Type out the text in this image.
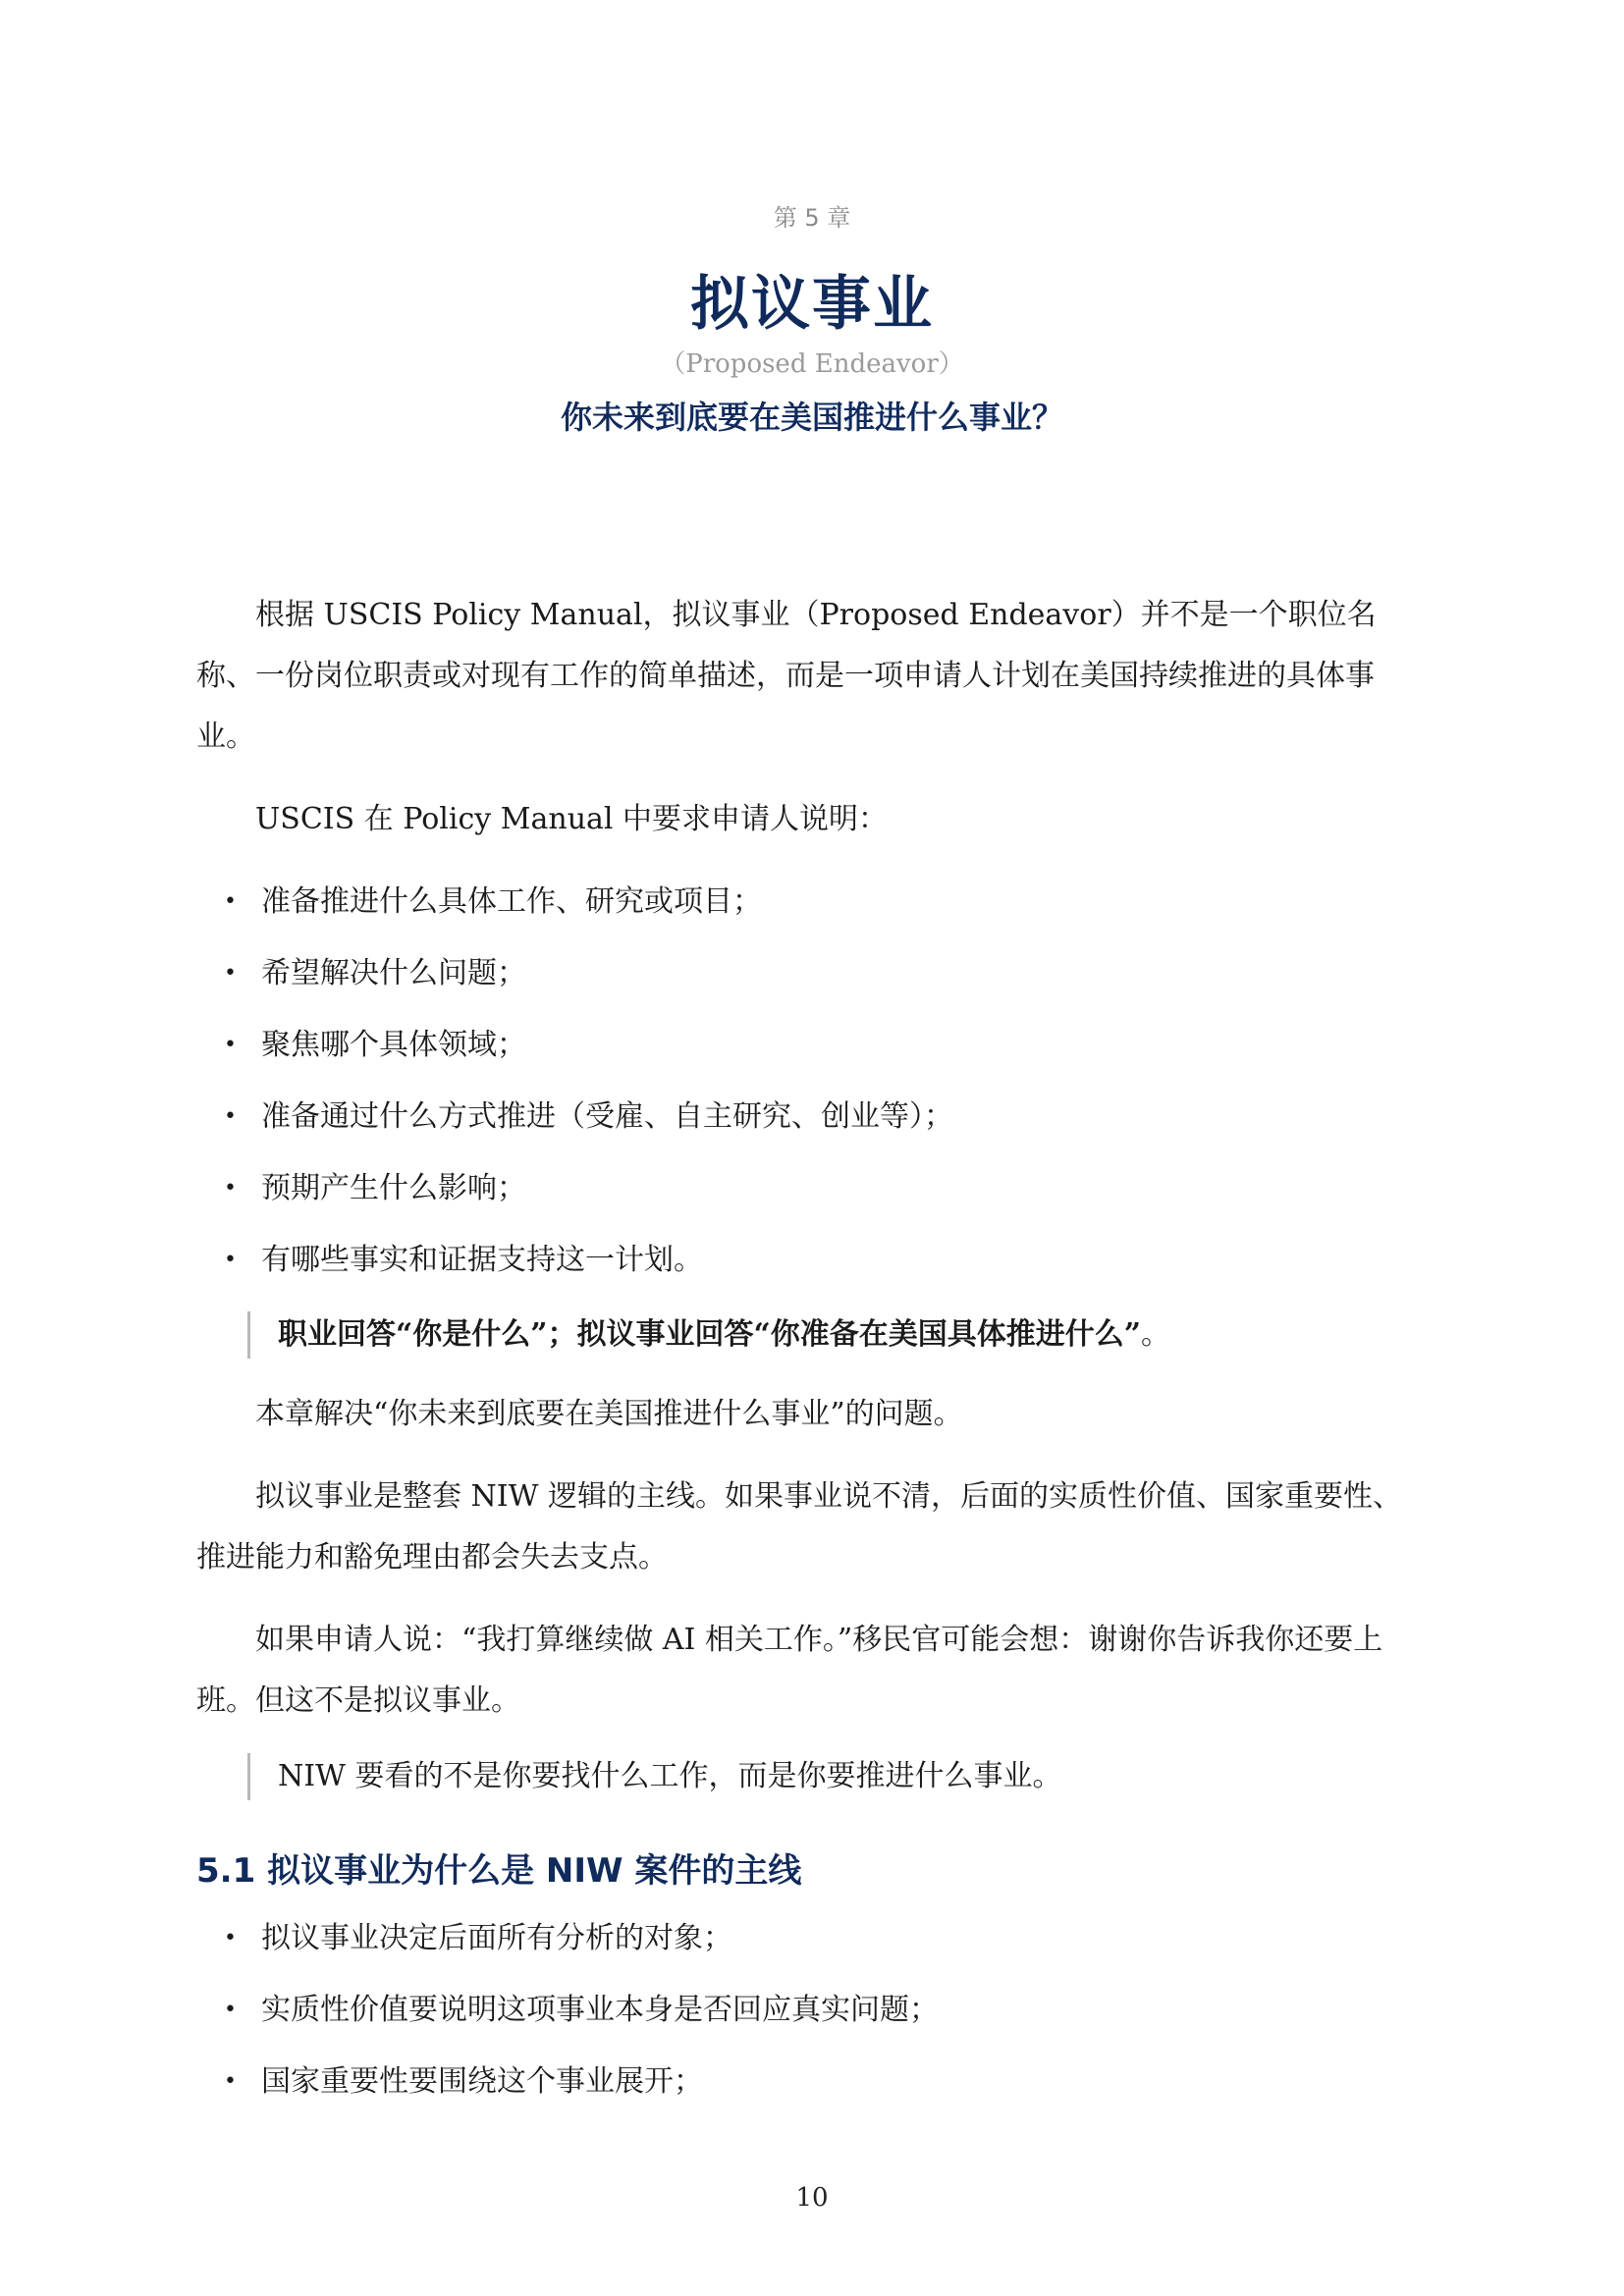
第 5 章
拟议事业
（Proposed Endeavor）
你未来到底要在美国推进什么事业？

根据 USCIS Policy Manual，拟议事业（Proposed Endeavor）并不是一个职位名称、一份岗位职责或对现有工作的简单描述，而是一项申请人计划在美国持续推进的具体事业。

USCIS 在 Policy Manual 中要求申请人说明：

• 准备推进什么具体工作、研究或项目；
• 希望解决什么问题；
• 聚焦哪个具体领域；
• 准备通过什么方式推进（受雇、自主研究、创业等）；
• 预期产生什么影响；
• 有哪些事实和证据支持这一计划。
职业回答“你是什么”；拟议事业回答“你准备在美国具体推进什么”。

本章解决“你未来到底要在美国推进什么事业”的问题。

拟议事业是整套 NIW 逻辑的主线。如果事业说不清，后面的实质性价值、国家重要性、推进能力和豁免理由都会失去支点。

如果申请人说：“我打算继续做 AI 相关工作。”移民官可能会想：谢谢你告诉我你还要上班。但这不是拟议事业。

NIW 要看的不是你要找什么工作，而是你要推进什么事业。
5.1 拟议事业为什么是 NIW 案件的主线
• 拟议事业决定后面所有分析的对象；
• 实质性价值要说明这项事业本身是否回应真实问题；
• 国家重要性要围绕这个事业展开；
10
